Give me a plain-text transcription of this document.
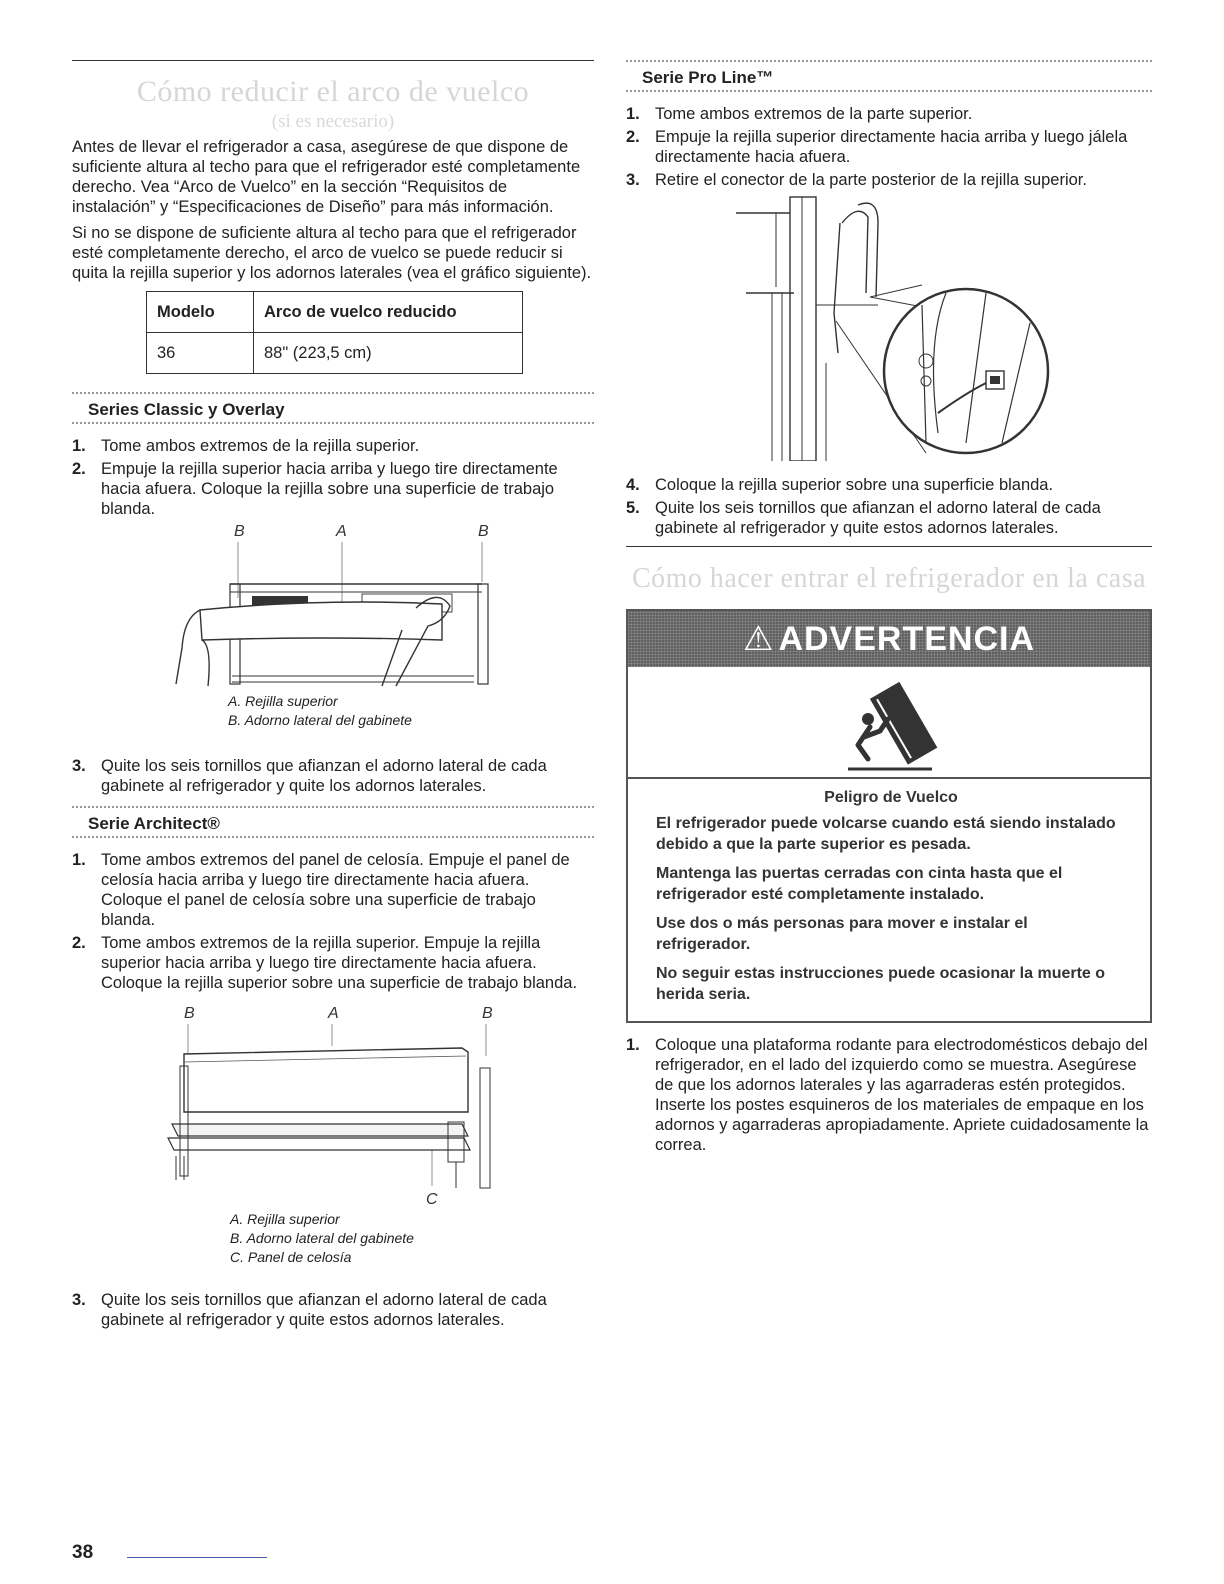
Cómo reducir el arco de vuelco
(si es necesario)

Antes de llevar el refrigerador a casa, asegúrese de que dispone de suficiente altura al techo para que el refrigerador esté completamente derecho. Vea “Arco de Vuelco” en la sección “Requisitos de instalación” y “Especificaciones de Diseño” para más información.

Si no se dispone de suficiente altura al techo para que el refrigerador esté completamente derecho, el arco de vuelco se puede reducir si quita la rejilla superior y los adornos laterales (vea el gráfico siguiente).

Modelo	Arco de vuelco reducido
36	88" (223,5 cm)
Series Classic y Overlay
1. Tome ambos extremos de la rejilla superior.
2. Empuje la rejilla superior hacia arriba y luego tire directamente hacia afuera. Coloque la rejilla sobre una superficie de trabajo blanda.
B	A	B
A. Rejilla superior
B. Adorno lateral del gabinete
3. Quite los seis tornillos que afianzan el adorno lateral de cada gabinete al refrigerador y quite los adornos laterales.
Serie Architect®
1. Tome ambos extremos del panel de celosía. Empuje el panel de celosía hacia arriba y luego tire directamente hacia afuera. Coloque el panel de celosía sobre una superficie de trabajo blanda.
2. Tome ambos extremos de la rejilla superior. Empuje la rejilla superior hacia arriba y luego tire directamente hacia afuera. Coloque la rejilla superior sobre una superficie de trabajo blanda.
B	A	B
C
A. Rejilla superior
B. Adorno lateral del gabinete
C. Panel de celosía
3. Quite los seis tornillos que afianzan el adorno lateral de cada gabinete al refrigerador y quite estos adornos laterales.
Serie Pro Line™
1. Tome ambos extremos de la parte superior.
2. Empuje la rejilla superior directamente hacia arriba y luego jálela directamente hacia afuera.
3. Retire el conector de la parte posterior de la rejilla superior.
4. Coloque la rejilla superior sobre una superficie blanda.
5. Quite los seis tornillos que afianzan el adorno lateral de cada gabinete al refrigerador y quite estos adornos laterales.
Cómo hacer entrar el refrigerador en la casa
⚠ ADVERTENCIA
Peligro de Vuelco

El refrigerador puede volcarse cuando está siendo instalado debido a que la parte superior es pesada.

Mantenga las puertas cerradas con cinta hasta que el refrigerador esté completamente instalado.

Use dos o más personas para mover e instalar el refrigerador.

No seguir estas instrucciones puede ocasionar la muerte o herida seria.

1. Coloque una plataforma rodante para electrodomésticos debajo del refrigerador, en el lado del izquierdo como se muestra. Asegúrese de que los adornos laterales y las agarraderas estén protegidos. Inserte los postes esquineros de los materiales de empaque en los adornos y agarraderas apropiadamente. Apriete cuidadosamente la correa.
38
